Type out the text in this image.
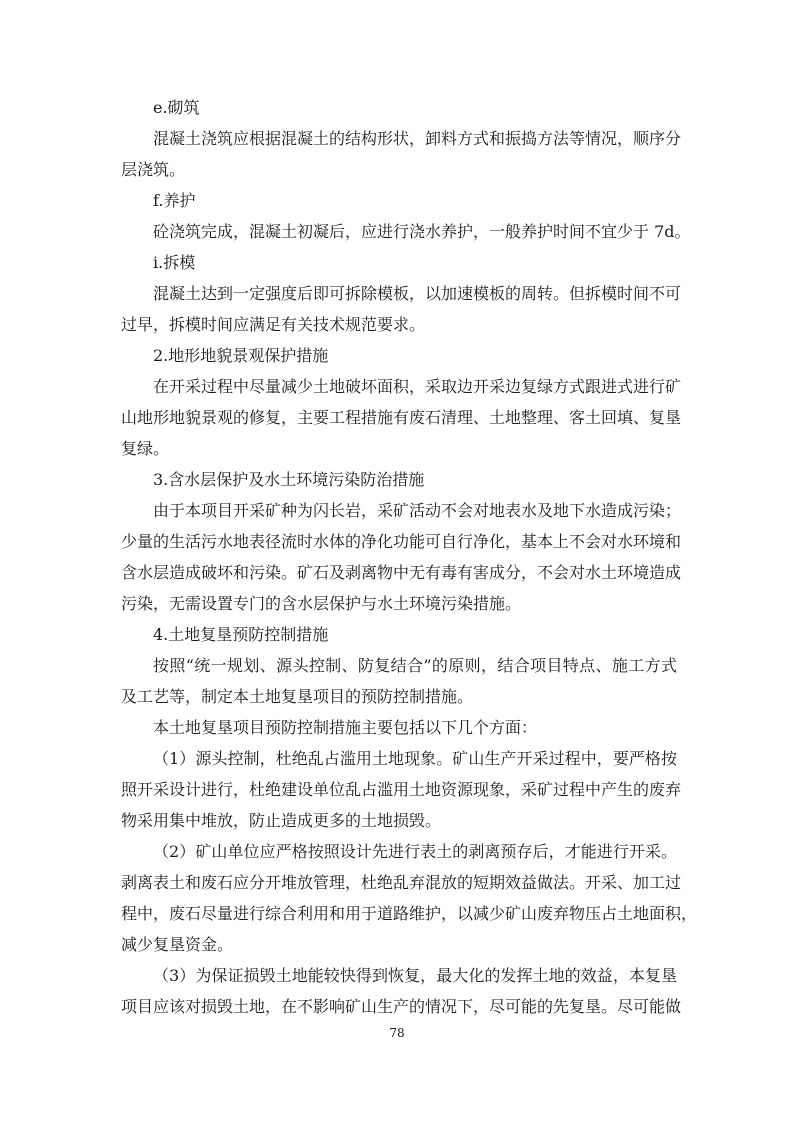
e.砌筑
混凝土浇筑应根据混凝土的结构形状，卸料方式和振捣方法等情况，顺序分
层浇筑。
f.养护
砼浇筑完成，混凝土初凝后，应进行浇水养护，一般养护时间不宜少于 7d。
i.拆模
混凝土达到一定强度后即可拆除模板，以加速模板的周转。但拆模时间不可
过早，拆模时间应满足有关技术规范要求。
2.地形地貌景观保护措施
在开采过程中尽量减少土地破坏面积，采取边开采边复绿方式跟进式进行矿
山地形地貌景观的修复，主要工程措施有废石清理、土地整理、客土回填、复垦
复绿。
3.含水层保护及水土环境污染防治措施
由于本项目开采矿种为闪长岩，采矿活动不会对地表水及地下水造成污染；
少量的生活污水地表径流时水体的净化功能可自行净化，基本上不会对水环境和
含水层造成破坏和污染。矿石及剥离物中无有毒有害成分，不会对水土环境造成
污染，无需设置专门的含水层保护与水土环境污染措施。
4.土地复垦预防控制措施
按照“统一规划、源头控制、防复结合”的原则，结合项目特点、施工方式
及工艺等，制定本土地复垦项目的预防控制措施。
本土地复垦项目预防控制措施主要包括以下几个方面：
（1）源头控制，杜绝乱占滥用土地现象。矿山生产开采过程中，要严格按
照开采设计进行，杜绝建设单位乱占滥用土地资源现象，采矿过程中产生的废弃
物采用集中堆放，防止造成更多的土地损毁。
（2）矿山单位应严格按照设计先进行表土的剥离预存后，才能进行开采。
剥离表土和废石应分开堆放管理，杜绝乱弃混放的短期效益做法。开采、加工过
程中，废石尽量进行综合利用和用于道路维护，以减少矿山废弃物压占土地面积，
减少复垦资金。
（3）为保证损毁土地能较快得到恢复，最大化的发挥土地的效益，本复垦
项目应该对损毁土地，在不影响矿山生产的情况下，尽可能的先复垦。尽可能做
78
